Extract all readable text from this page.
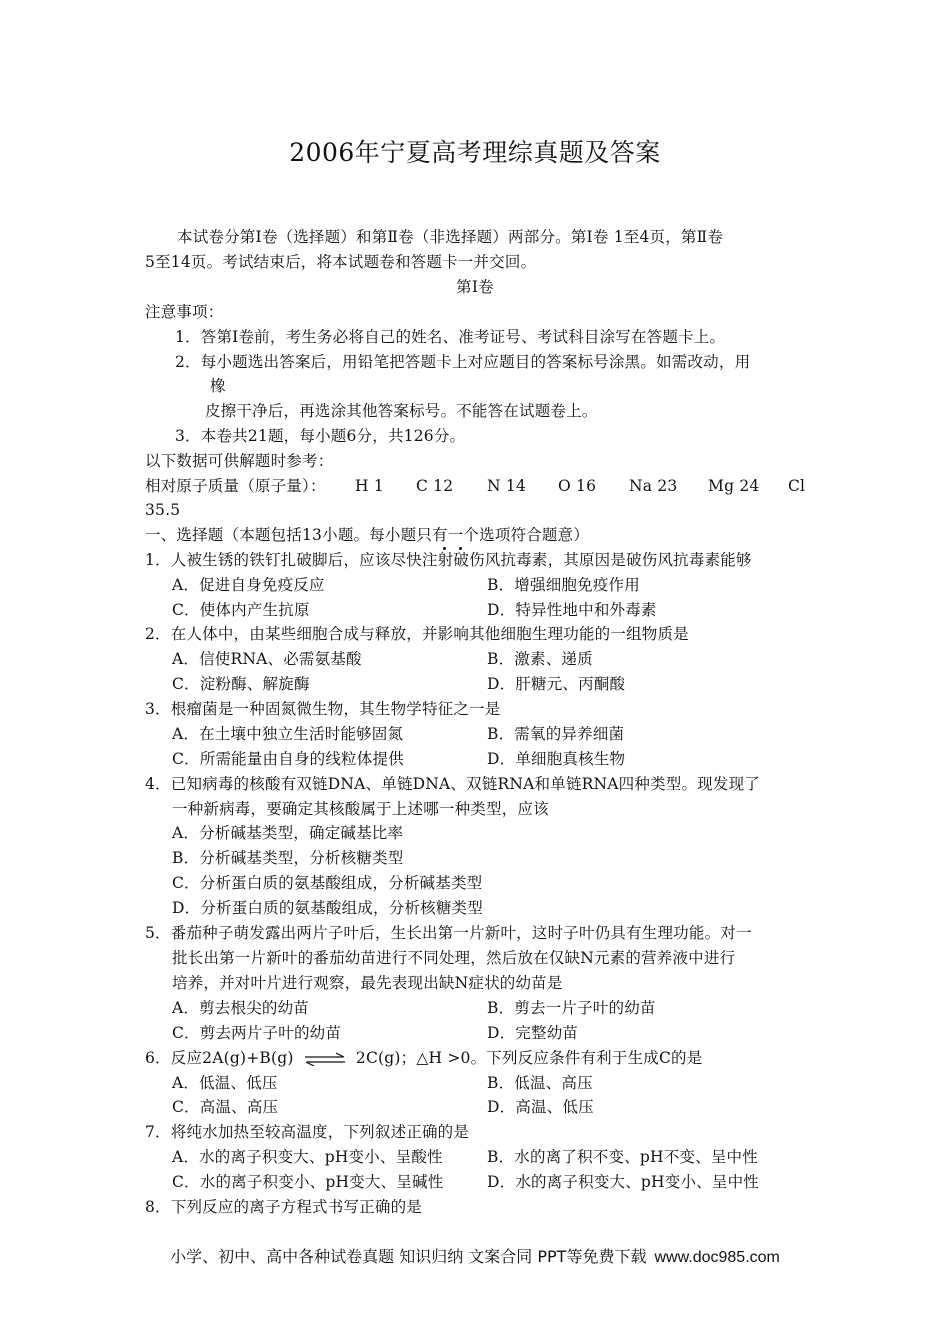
2006年宁夏高考理综真题及答案
本试卷分第Ⅰ卷（选择题）和第Ⅱ卷（非选择题）两部分。第Ⅰ卷 1至4页，第Ⅱ卷
5至14页。考试结束后，将本试题卷和答题卡一并交回。
第Ⅰ卷
注意事项：
1．答第Ⅰ卷前，考生务必将自己的姓名、准考证号、考试科目涂写在答题卡上。
2．每小题选出答案后，用铅笔把答题卡上对应题目的答案标号涂黑。如需改动，用
橡
皮擦干净后，再选涂其他答案标号。不能答在试题卷上。
3．本卷共21题，每小题6分，共126分。
以下数据可供解题时参考：
相对原子质量（原子量）： H 1 C 12 N 14 O 16 Na 23 Mg 24 Cl
35.5
一、选择题（本题包括13小题。每小题只有一个选项符合题意）
1．人被生锈的铁钉扎破脚后，应该尽快注射破伤风抗毒素，其原因是破伤风抗毒素能够
A．促进自身免疫反应	B．增强细胞免疫作用
C．使体内产生抗原	D．特异性地中和外毒素
2．在人体中，由某些细胞合成与释放，并影响其他细胞生理功能的一组物质是
A．信使RNA、必需氨基酸	B．激素、递质
C．淀粉酶、解旋酶	D．肝糖元、丙酮酸
3．根瘤菌是一种固氮微生物，其生物学特征之一是
A．在土壤中独立生活时能够固氮	B．需氧的异养细菌
C．所需能量由自身的线粒体提供	D．单细胞真核生物
4．已知病毒的核酸有双链DNA、单链DNA、双链RNA和单链RNA四种类型。现发现了
一种新病毒，要确定其核酸属于上述哪一种类型，应该
A．分析碱基类型，确定碱基比率
B．分析碱基类型，分析核糖类型
C．分析蛋白质的氨基酸组成，分析碱基类型
D．分析蛋白质的氨基酸组成，分析核糖类型
5．番茄种子萌发露出两片子叶后，生长出第一片新叶，这时子叶仍具有生理功能。对一
批长出第一片新叶的番茄幼苗进行不同处理，然后放在仅缺N元素的营养液中进行
培养，并对叶片进行观察，最先表现出缺N症状的幼苗是
A．剪去根尖的幼苗	B．剪去一片子叶的幼苗
C．剪去两片子叶的幼苗	D．完整幼苗
6．反应2A(g)+B(g) ⇌ 2C(g)；△H >0。下列反应条件有利于生成C的是
A．低温、低压	B．低温、高压
C．高温、高压	D．高温、低压
7．将纯水加热至较高温度，下列叙述正确的是
A．水的离子积变大、pH变小、呈酸性	B．水的离了积不变、pH不变、呈中性
C．水的离子积变小、pH变大、呈碱性	D．水的离子积变大、pH变小、呈中性
8．下列反应的离子方程式书写正确的是
小学、初中、高中各种试卷真题 知识归纳 文案合同 PPT等免费下载 www.doc985.com
